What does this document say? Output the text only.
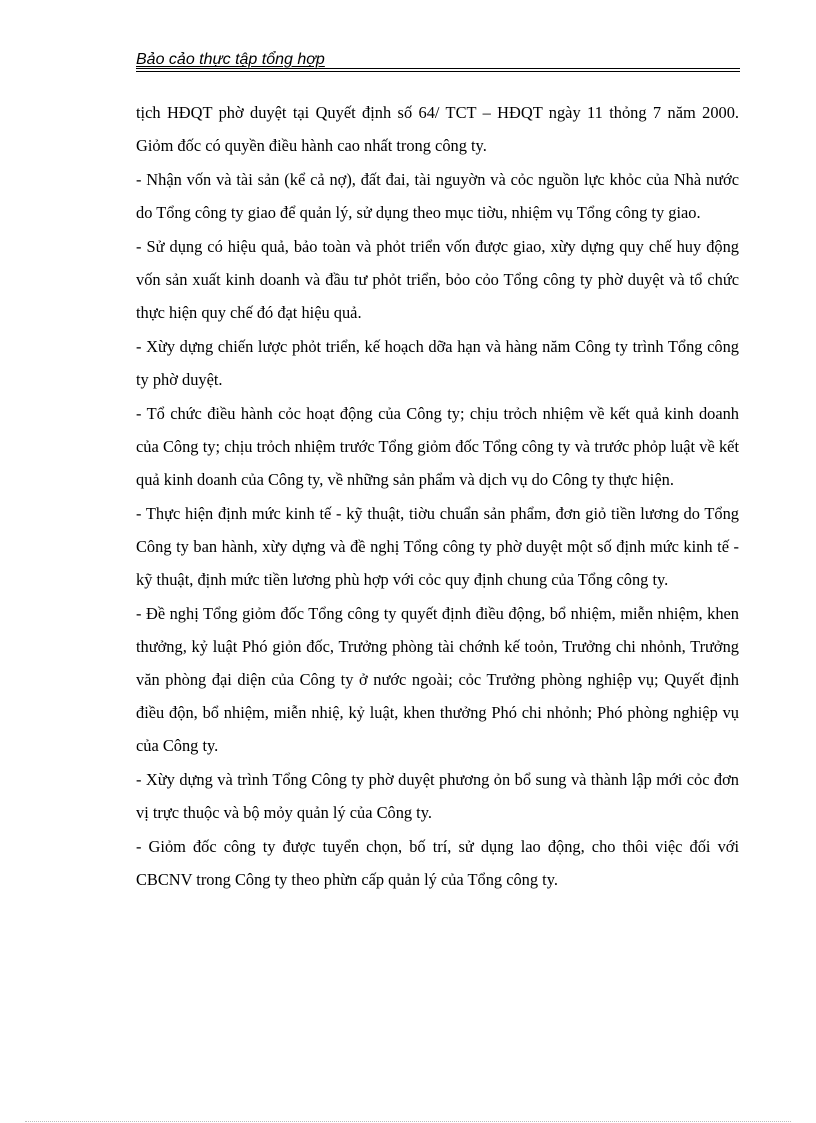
Bảo cảo thực tập tổng hợp

tịch HĐQT phờ duyệt tại Quyết định số 64/ TCT – HĐQT ngày 11 thỏng 7 năm 2000. Giỏm đốc có quyền điều hành cao nhất trong công ty.

- Nhận vốn và tài sản (kể cả nợ), đất đai, tài nguyờn và cỏc nguồn lực khỏc của Nhà nước do Tổng công ty giao để quản lý, sử dụng theo mục tiờu, nhiệm vụ Tổng công ty giao.

- Sử dụng có hiệu quả, bảo toàn và phỏt triển vốn được giao, xừy dựng quy chế huy động vốn sản xuất kinh doanh và đầu tư phỏt triển, bỏo cỏo Tổng công ty phờ duyệt và tổ chức thực hiện quy chế đó đạt hiệu quả.

- Xừy dựng chiến lược phỏt triển, kế hoạch dỡa hạn và hàng năm Công ty trình Tổng công ty phờ duyệt.

- Tổ chức điều hành cỏc hoạt động của Công ty; chịu trỏch nhiệm về kết quả kinh doanh của Công ty; chịu trỏch nhiệm trước Tổng giỏm đốc Tổng công ty và trước phỏp luật về kết quả kinh doanh của Công ty, về những sản phẩm và dịch vụ do Công ty thực hiện.

- Thực hiện định mức kinh tế - kỹ thuật, tiờu chuẩn sản phẩm, đơn giỏ tiền lương do Tổng Công ty ban hành, xừy dựng và đề nghị Tổng công ty phờ duyệt một số định mức kinh tế - kỹ thuật, định mức tiền lương phù hợp với cỏc quy định chung của Tổng công ty.

- Đề nghị Tổng giỏm đốc Tổng công ty quyết định điều động, bổ nhiệm, miễn nhiệm, khen thưởng, kỷ luật Phó giỏn đốc, Trưởng phòng tài chớnh kế toỏn, Trưởng chi nhỏnh, Trưởng văn phòng đại diện của Công ty ở nước ngoài; cỏc Trưởng phòng nghiệp vụ; Quyết định điều độn, bổ nhiệm, miễn nhiệ, kỷ luật, khen thưởng Phó chi nhỏnh; Phó phòng nghiệp vụ của Công ty.

- Xừy dựng và trình Tổng Công ty phờ duyệt phương ỏn bổ sung và thành lập mới cỏc đơn vị trực thuộc và bộ mỏy quản lý của Công ty.

- Giỏm đốc công ty được tuyển chọn, bố trí, sử dụng lao động, cho thôi việc đối với CBCNV trong Công ty theo phừn cấp quản lý của Tổng công ty.
